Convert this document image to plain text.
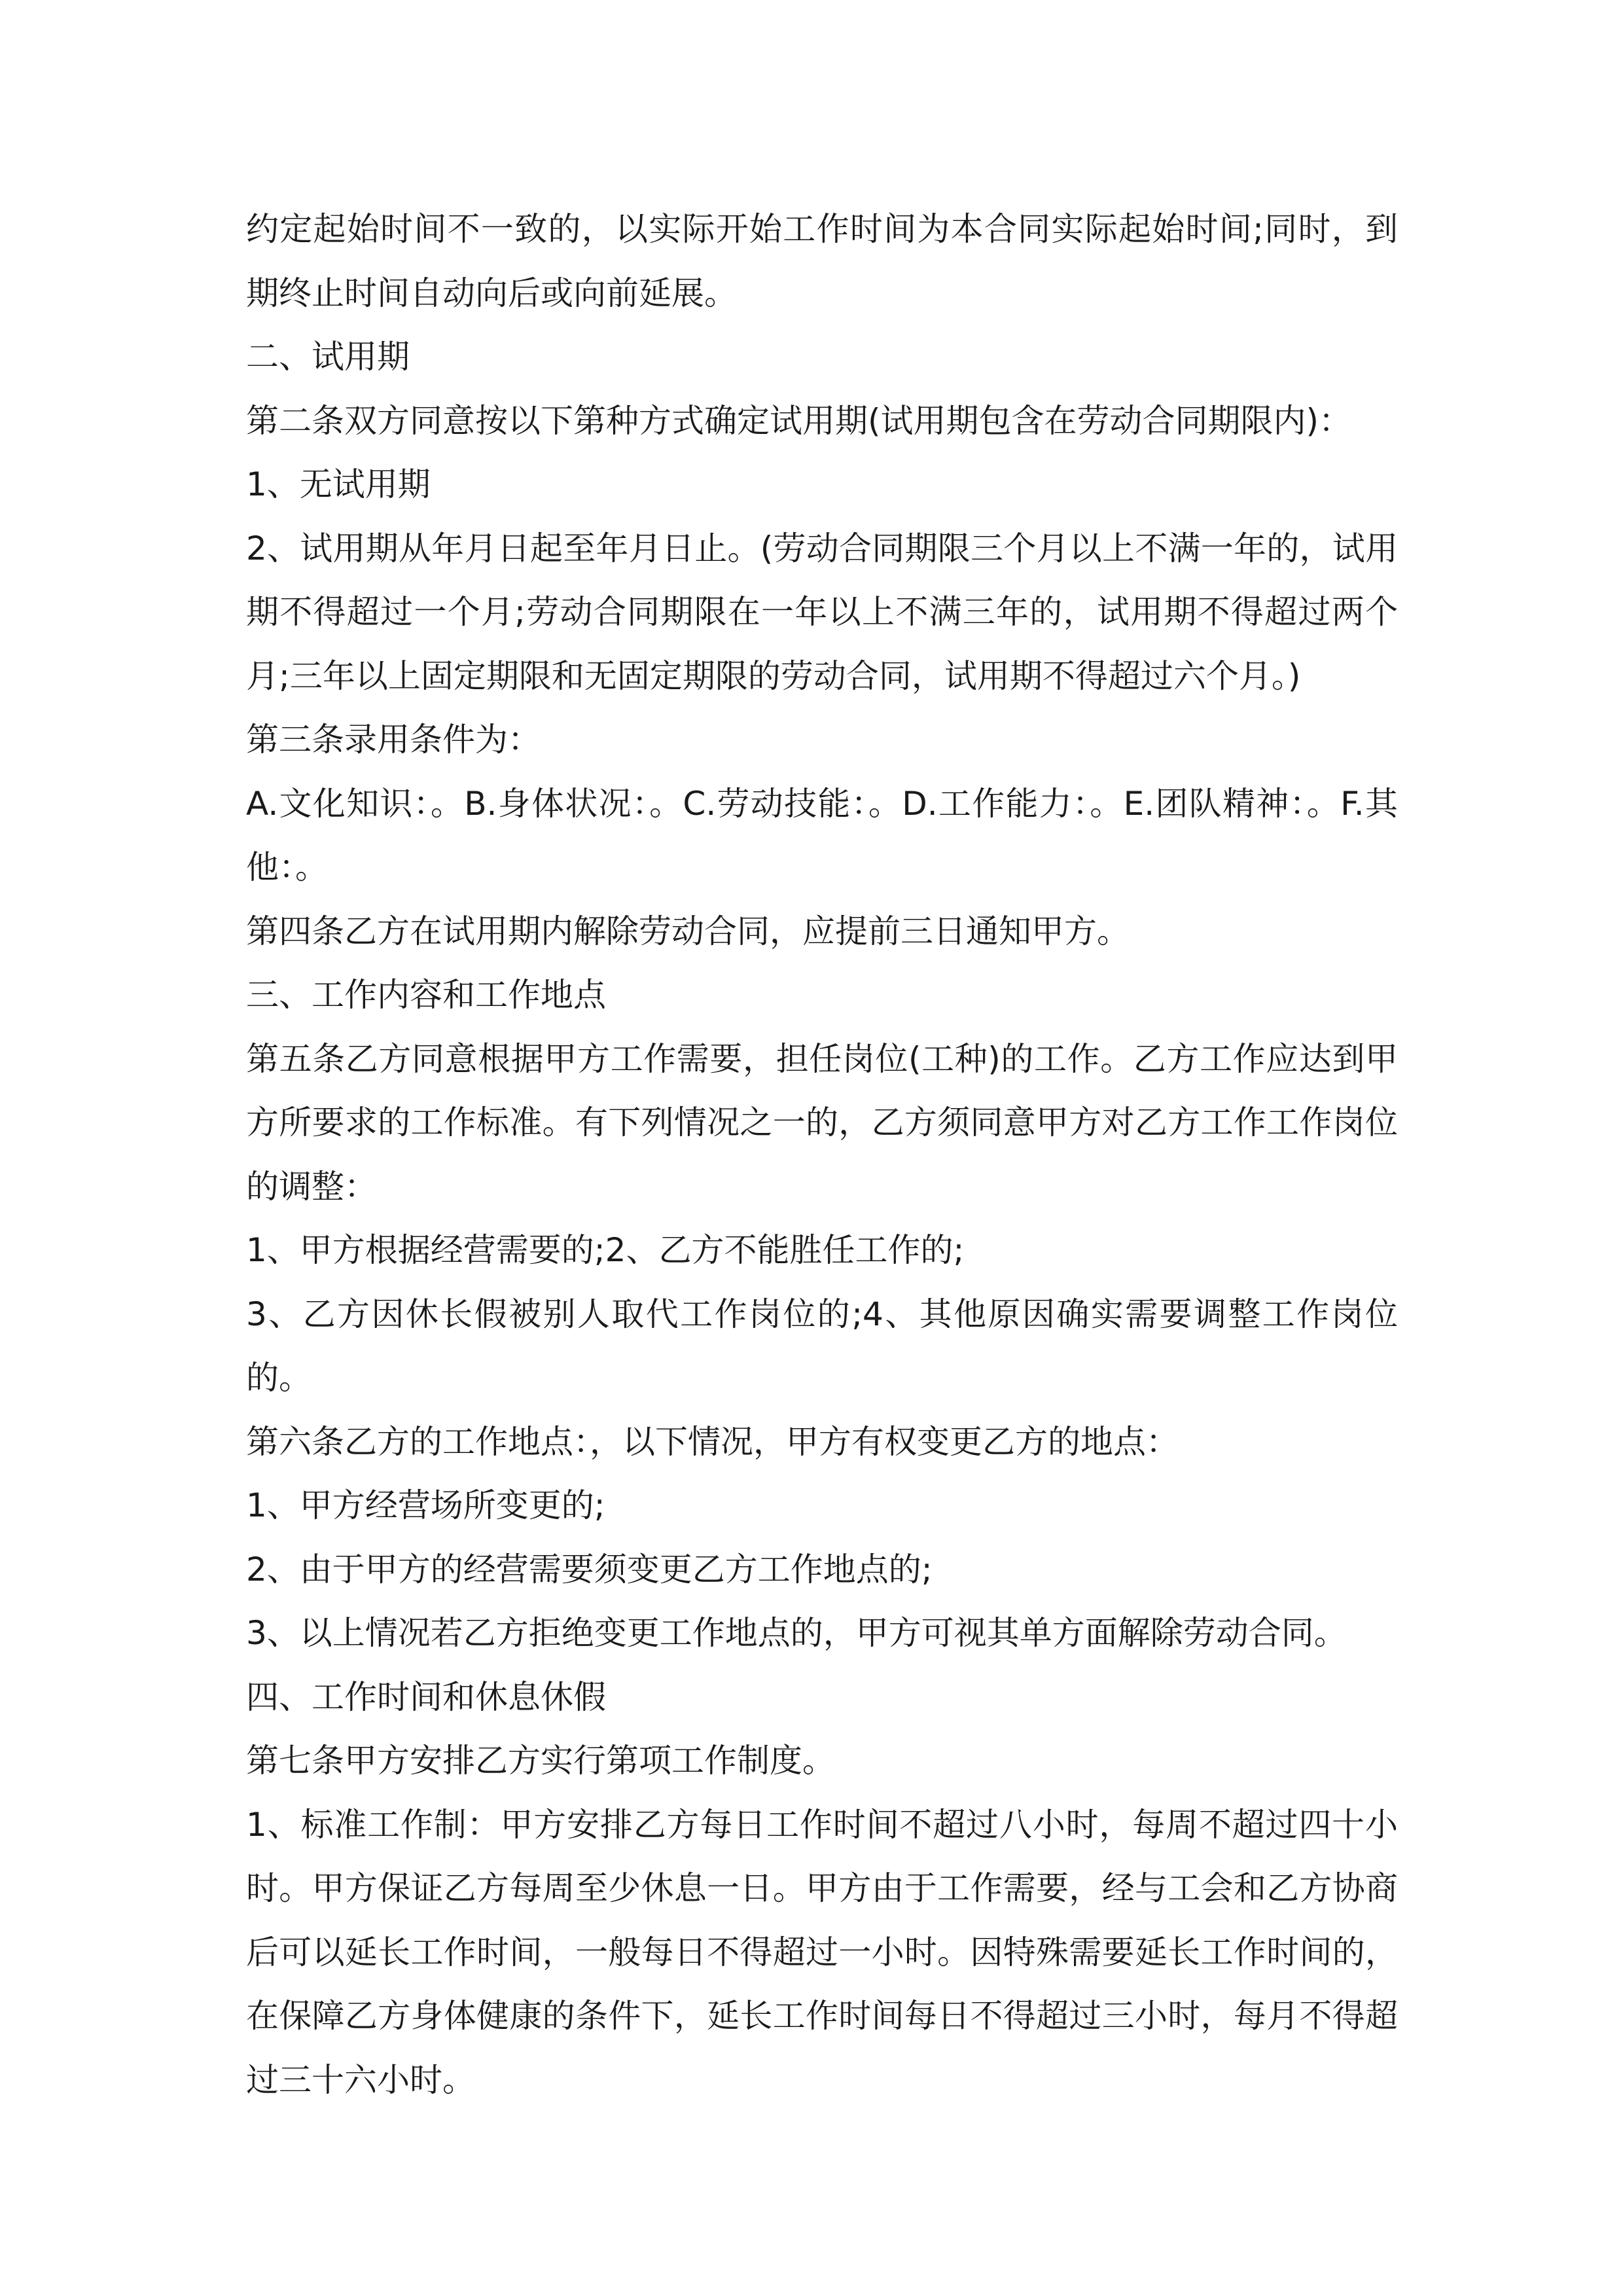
约定起始时间不一致的，以实际开始工作时间为本合同实际起始时间;同时，到期终止时间自动向后或向前延展。

二、试用期

第二条双方同意按以下第种方式确定试用期(试用期包含在劳动合同期限内)：

1、无试用期

2、试用期从年月日起至年月日止。(劳动合同期限三个月以上不满一年的，试用期不得超过一个月;劳动合同期限在一年以上不满三年的，试用期不得超过两个月;三年以上固定期限和无固定期限的劳动合同，试用期不得超过六个月。)

第三条录用条件为：

A.文化知识：。B.身体状况：。C.劳动技能：。D.工作能力：。E.团队精神：。F.其他：。

第四条乙方在试用期内解除劳动合同，应提前三日通知甲方。

三、工作内容和工作地点

第五条乙方同意根据甲方工作需要，担任岗位(工种)的工作。乙方工作应达到甲方所要求的工作标准。有下列情况之一的，乙方须同意甲方对乙方工作工作岗位的调整：

1、甲方根据经营需要的;2、乙方不能胜任工作的;

3、乙方因休长假被别人取代工作岗位的;4、其他原因确实需要调整工作岗位的。

第六条乙方的工作地点：，以下情况，甲方有权变更乙方的地点：

1、甲方经营场所变更的;

2、由于甲方的经营需要须变更乙方工作地点的;

3、以上情况若乙方拒绝变更工作地点的，甲方可视其单方面解除劳动合同。

四、工作时间和休息休假

第七条甲方安排乙方实行第项工作制度。

1、标准工作制：甲方安排乙方每日工作时间不超过八小时，每周不超过四十小时。甲方保证乙方每周至少休息一日。甲方由于工作需要，经与工会和乙方协商后可以延长工作时间，一般每日不得超过一小时。因特殊需要延长工作时间的，在保障乙方身体健康的条件下，延长工作时间每日不得超过三小时，每月不得超过三十六小时。
